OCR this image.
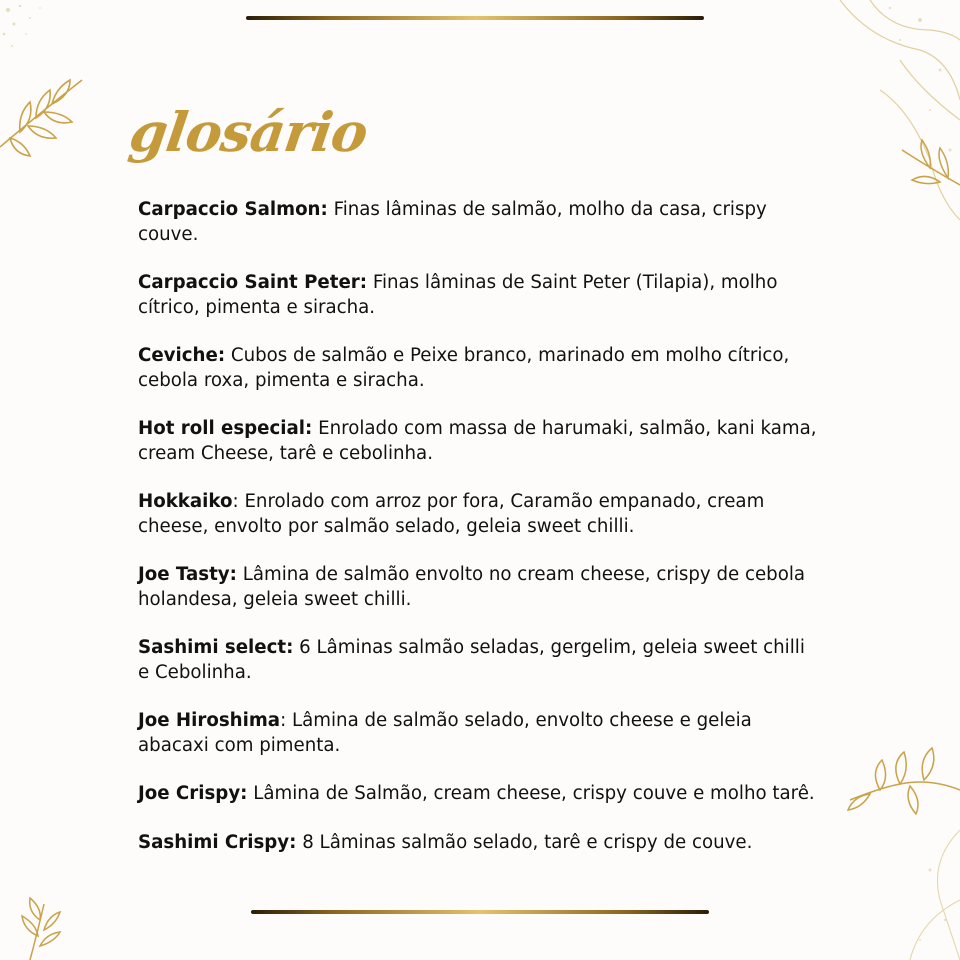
glosário

Carpaccio Salmon: Finas lâminas de salmão, molho da casa, crispy couve.

Carpaccio Saint Peter: Finas lâminas de Saint Peter (Tilapia), molho cítrico, pimenta e siracha.

Ceviche: Cubos de salmão e Peixe branco, marinado em molho cítrico, cebola roxa, pimenta e siracha.

Hot roll especial: Enrolado com massa de harumaki, salmão, kani kama, cream Cheese, tarê e cebolinha.

Hokkaiko: Enrolado com arroz por fora, Caramão empanado, cream cheese, envolto por salmão selado, geleia sweet chilli.

Joe Tasty: Lâmina de salmão envolto no cream cheese, crispy de cebola holandesa, geleia sweet chilli.

Sashimi select: 6 Lâminas salmão seladas, gergelim, geleia sweet chilli e Cebolinha.

Joe Hiroshima: Lâmina de salmão selado, envolto cheese e geleia abacaxi com pimenta.

Joe Crispy: Lâmina de Salmão, cream cheese, crispy couve e molho tarê.

Sashimi Crispy: 8 Lâminas salmão selado, tarê e crispy de couve.
